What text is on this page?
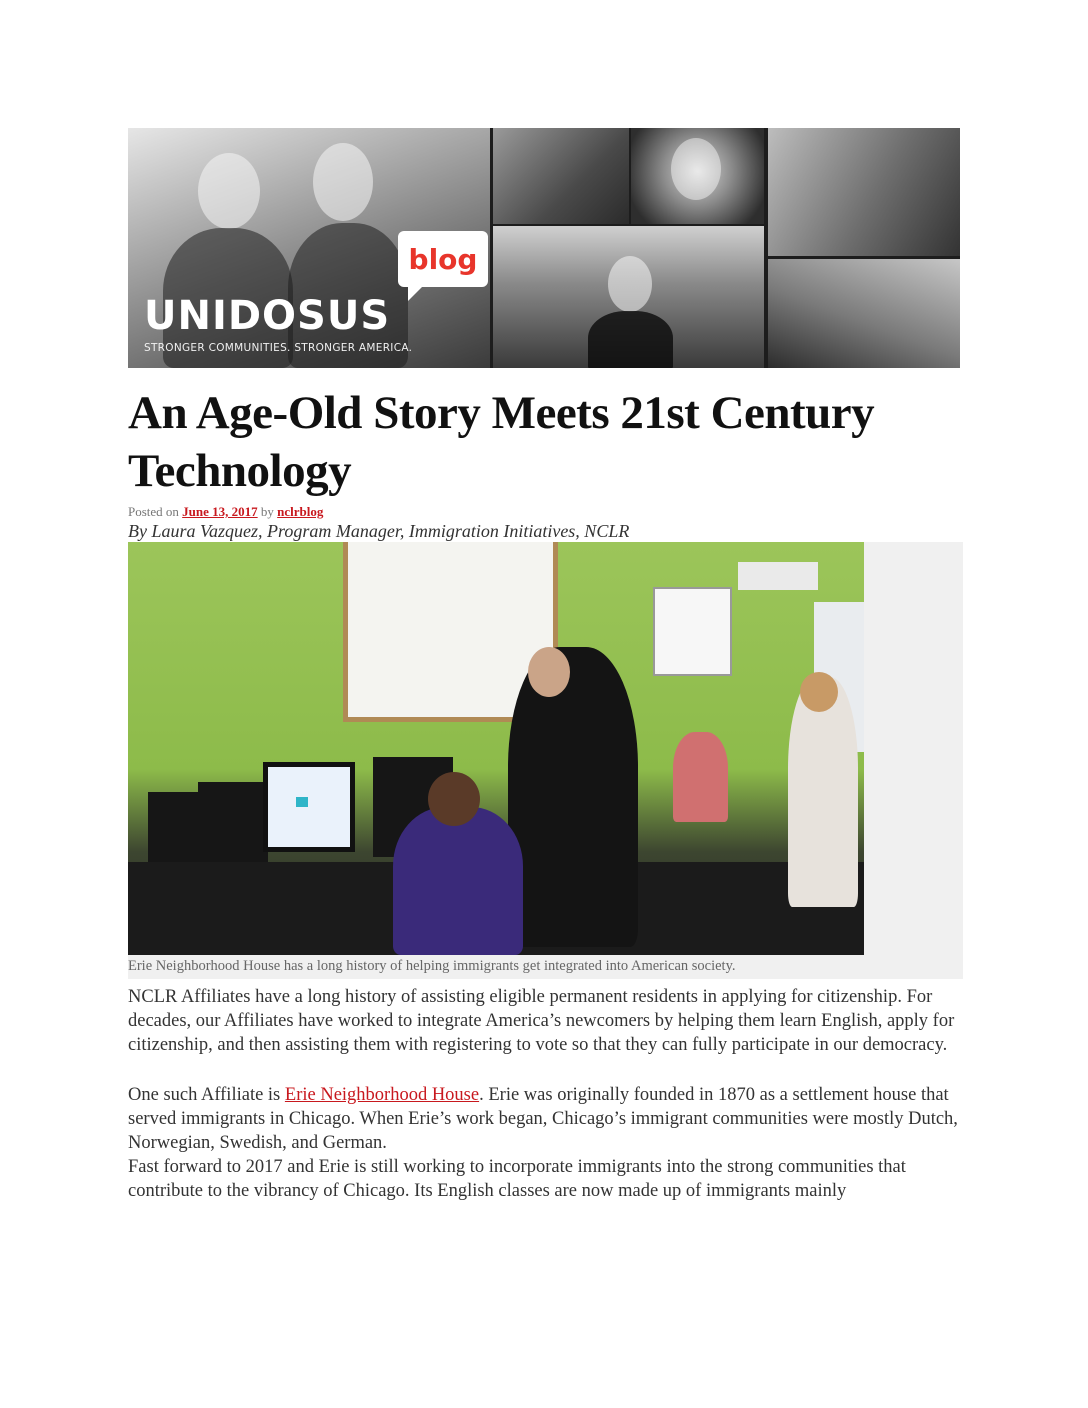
blog
UNIDOSUS
STRONGER COMMUNITIES. STRONGER AMERICA.
An Age-Old Story Meets 21st Century Technology
Posted on June 13, 2017 by nclrblog
By Laura Vazquez, Program Manager, Immigration Initiatives, NCLR
Erie Neighborhood House has a long history of helping immigrants get integrated into American society.

NCLR Affiliates have a long history of assisting eligible permanent residents in applying for citizenship. For decades, our Affiliates have worked to integrate America’s newcomers by helping them learn English, apply for citizenship, and then assisting them with registering to vote so that they can fully participate in our democracy.

One such Affiliate is Erie Neighborhood House. Erie was originally founded in 1870 as a settlement house that served immigrants in Chicago. When Erie’s work began, Chicago’s immigrant communities were mostly Dutch, Norwegian, Swedish, and German.

Fast forward to 2017 and Erie is still working to incorporate immigrants into the strong communities that contribute to the vibrancy of Chicago. Its English classes are now made up of immigrants mainly
